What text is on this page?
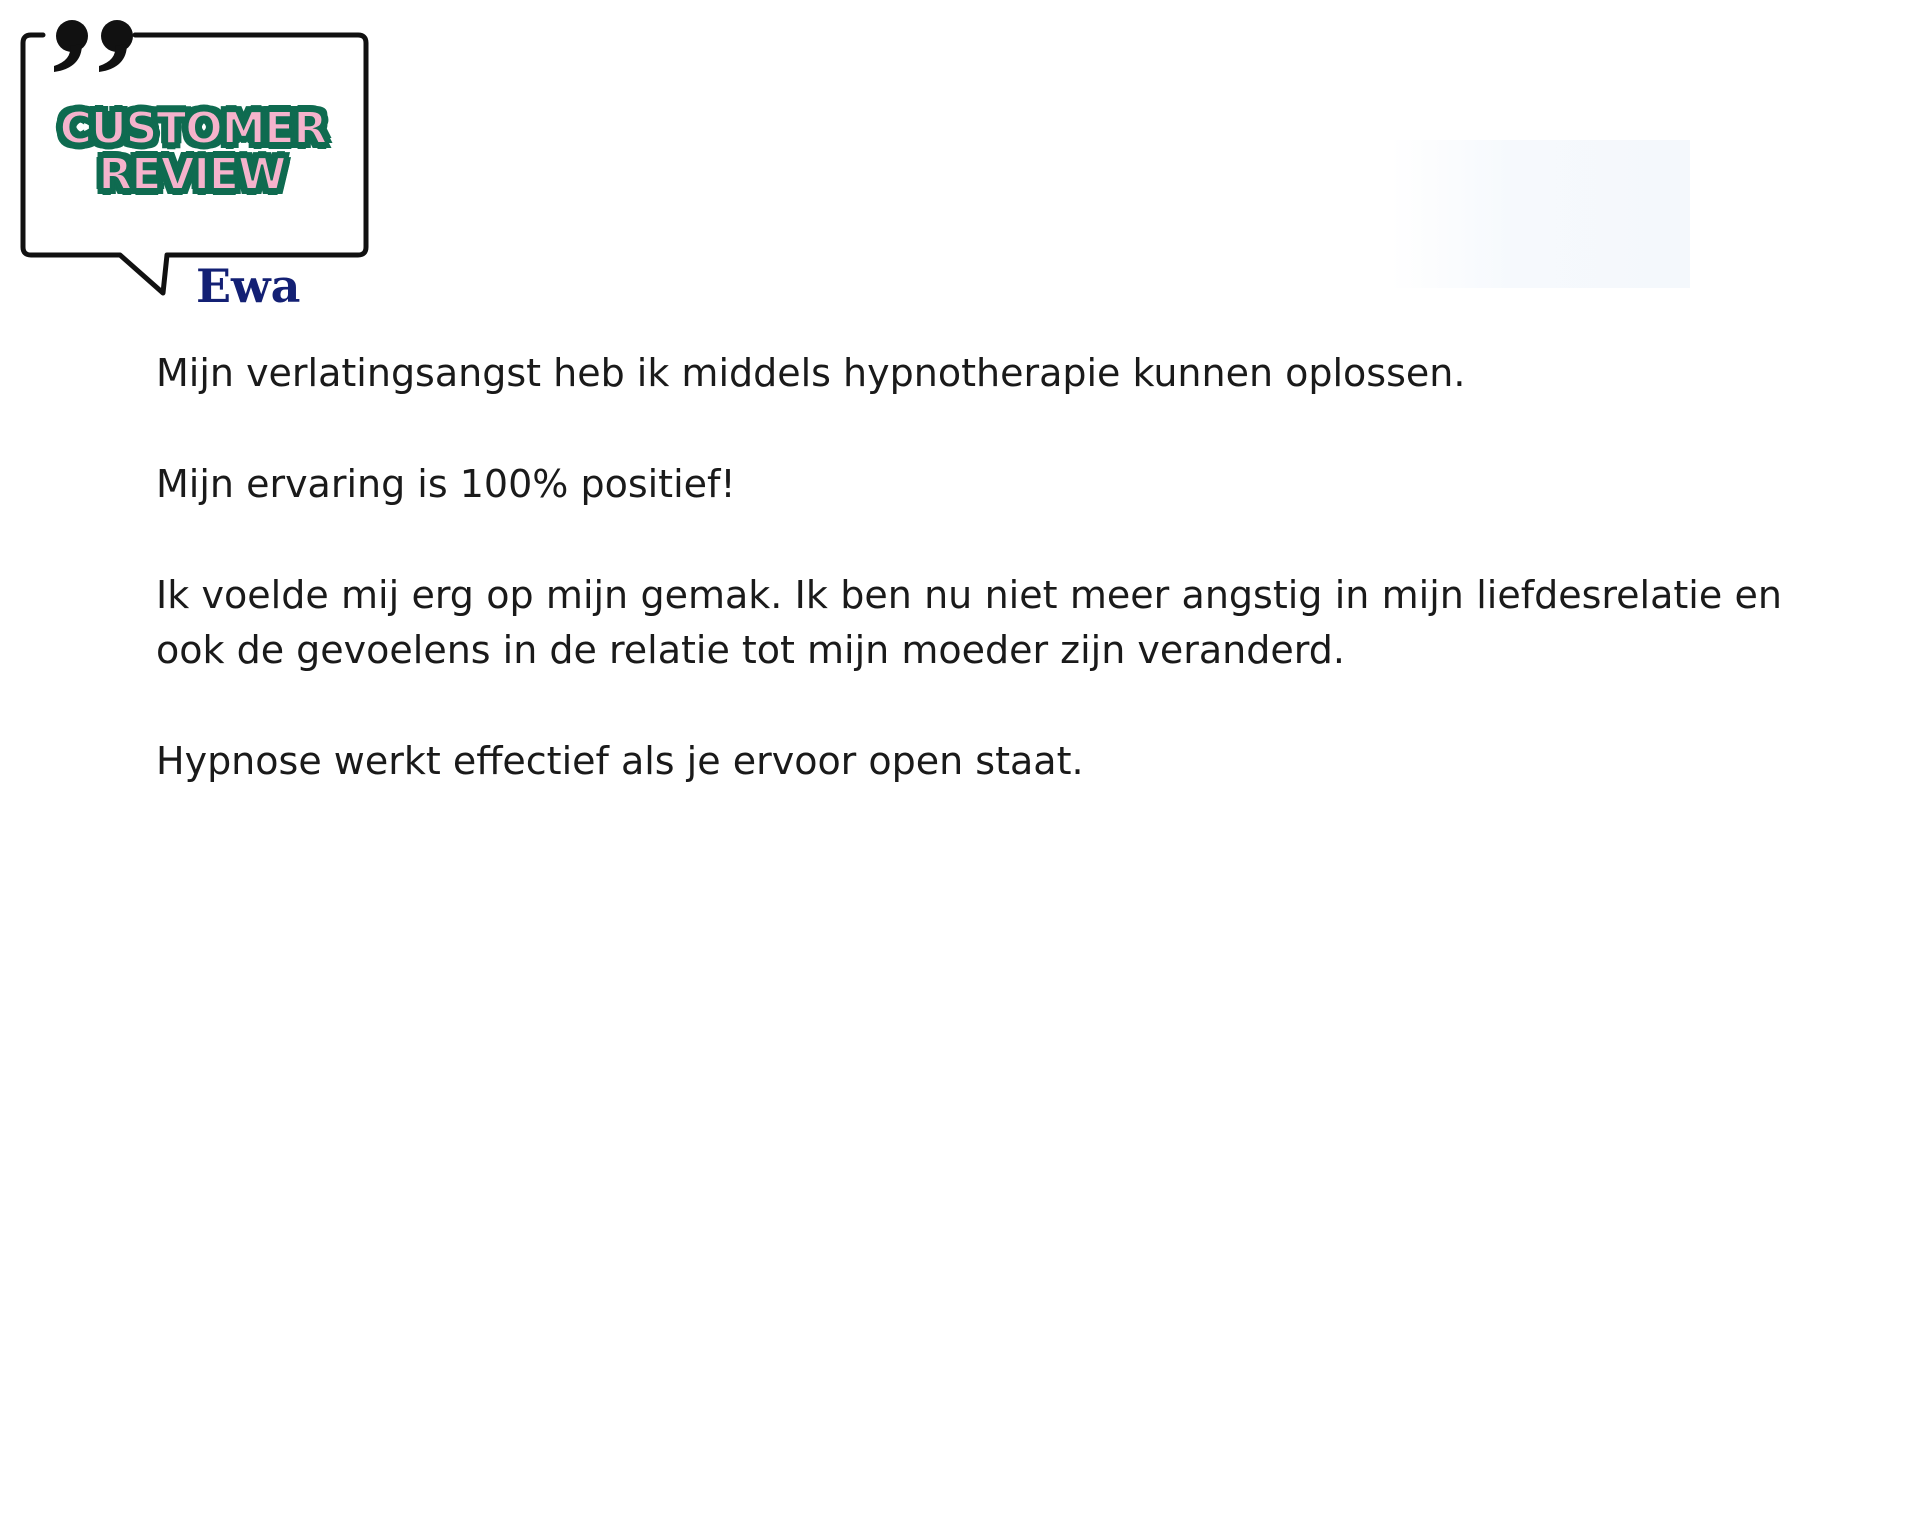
CUSTOMER
REVIEW
Ewa

Mijn verlatingsangst heb ik middels hypnotherapie kunnen oplossen.

Mijn ervaring is 100% positief!

Ik voelde mij erg op mijn gemak. Ik ben nu niet meer angstig in mijn liefdesrelatie en ook de gevoelens in de relatie tot mijn moeder zijn veranderd.

Hypnose werkt effectief als je ervoor open staat.
